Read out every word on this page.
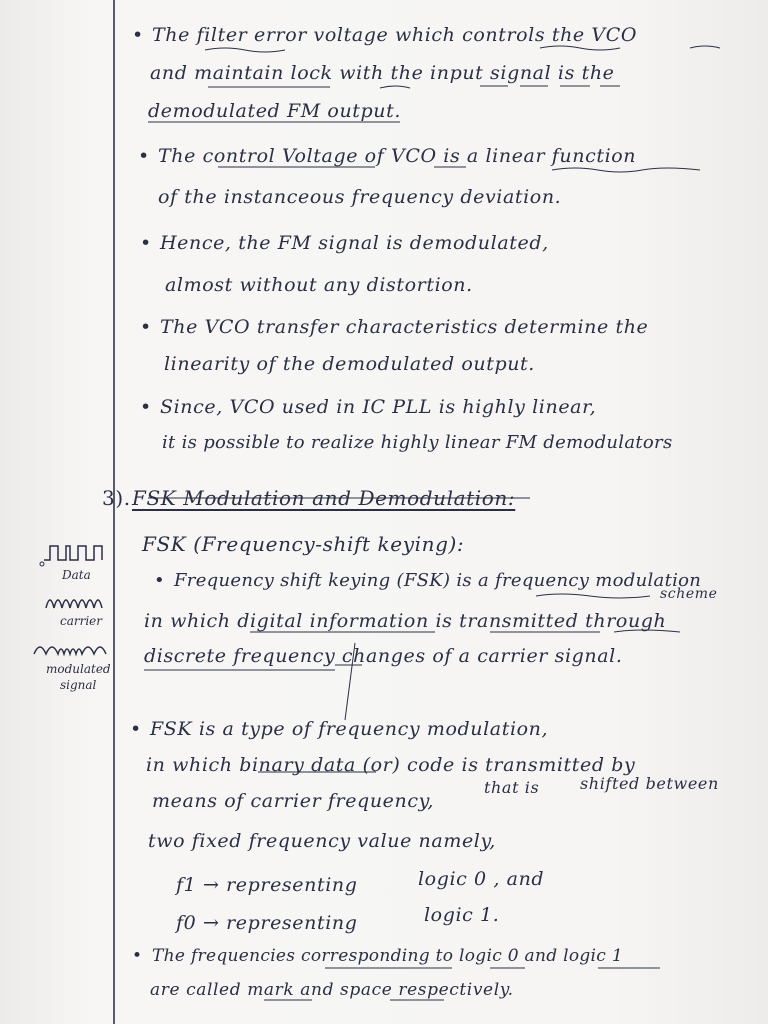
• The filter error voltage which controls the VCO
and maintain lock with the input signal is the
demodulated FM output.
• The control Voltage of VCO is a linear function
of the instanceous frequency deviation.
• Hence, the FM signal is demodulated,
almost without any distortion.
• The VCO transfer characteristics determine the
linearity of the demodulated output.
• Since, VCO used in IC PLL is highly linear,
it is possible to realize highly linear FM demodulators
3). FSK Modulation and Demodulation:
Data
carrier
modulated
signal
FSK (Frequency-shift keying):
• Frequency shift keying (FSK) is a frequency modulation
scheme
in which digital information is transmitted through
discrete frequency changes of a carrier signal.
• FSK is a type of frequency modulation,
in which binary data (or) code is transmitted by
means of carrier frequency,
that is	shifted between
two fixed frequency value namely,
f1 → representing	logic 0 , and
f0 → representing	logic 1.
• The frequencies corresponding to logic 0 and logic 1
are called mark and space respectively.
